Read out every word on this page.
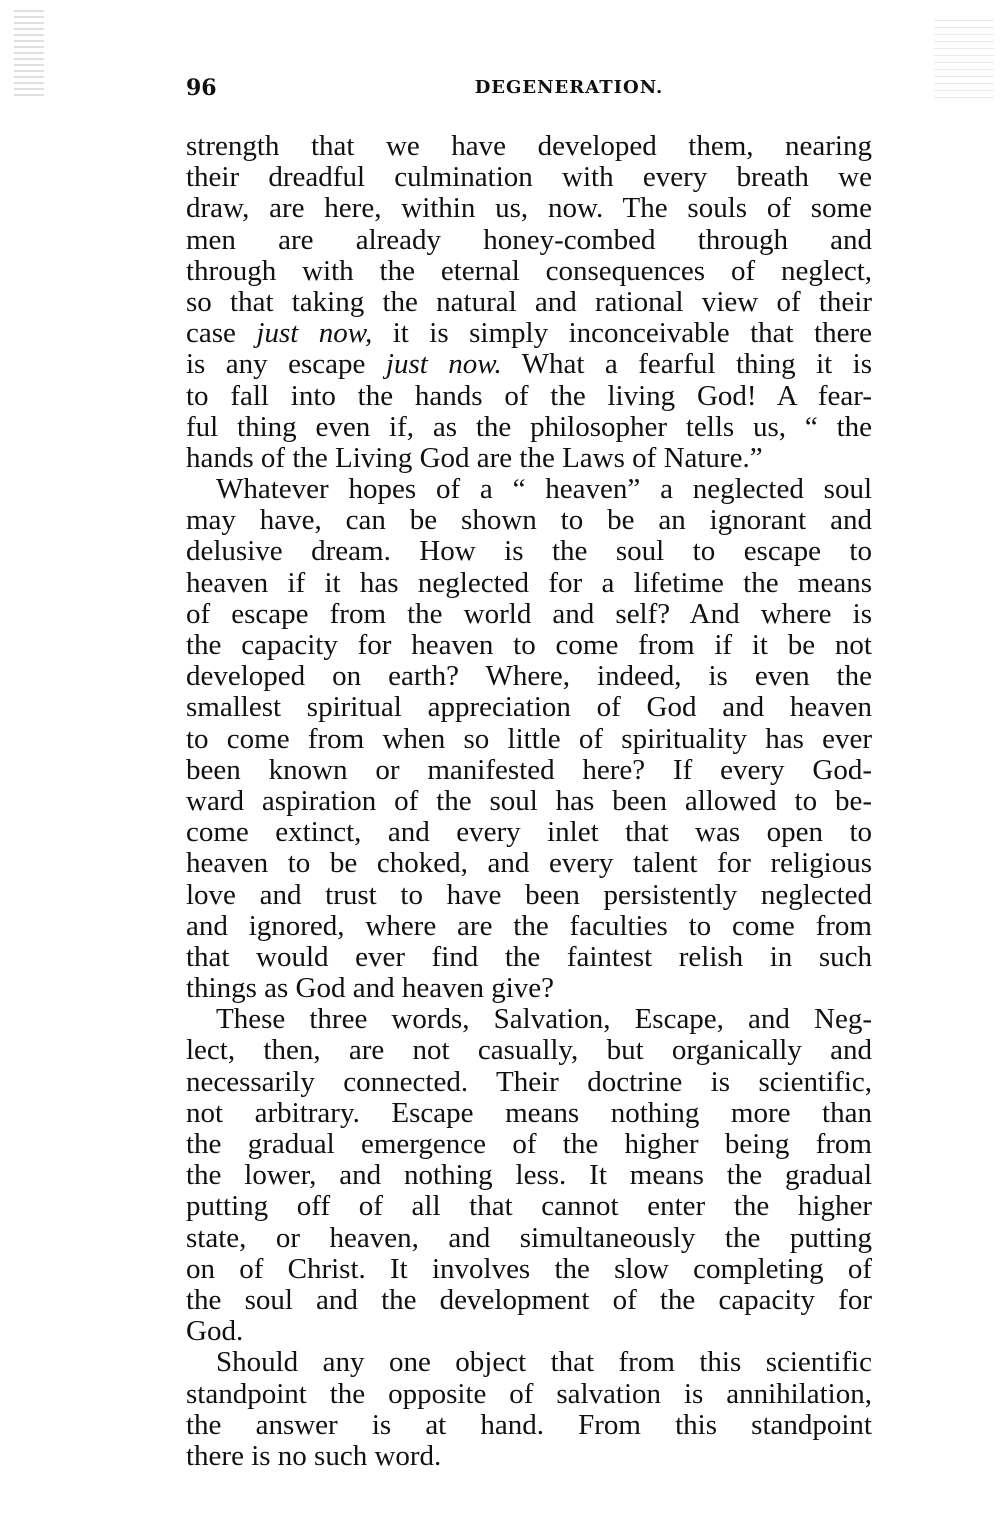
96	DEGENERATION.
strength that we have developed them, nearing
their dreadful culmination with every breath we
draw, are here, within us, now. The souls of some
men are already honey-combed through and
through with the eternal consequences of neglect,
so that taking the natural and rational view of their
case just now, it is simply inconceivable that there
is any escape just now. What a fearful thing it is
to fall into the hands of the living God! A fear-
ful thing even if, as the philosopher tells us, “ the
hands of the Living God are the Laws of Nature.”
Whatever hopes of a “ heaven” a neglected soul
may have, can be shown to be an ignorant and
delusive dream. How is the soul to escape to
heaven if it has neglected for a lifetime the means
of escape from the world and self? And where is
the capacity for heaven to come from if it be not
developed on earth? Where, indeed, is even the
smallest spiritual appreciation of God and heaven
to come from when so little of spirituality has ever
been known or manifested here? If every God-
ward aspiration of the soul has been allowed to be-
come extinct, and every inlet that was open to
heaven to be choked, and every talent for religious
love and trust to have been persistently neglected
and ignored, where are the faculties to come from
that would ever find the faintest relish in such
things as God and heaven give?
These three words, Salvation, Escape, and Neg-
lect, then, are not casually, but organically and
necessarily connected. Their doctrine is scientific,
not arbitrary. Escape means nothing more than
the gradual emergence of the higher being from
the lower, and nothing less. It means the gradual
putting off of all that cannot enter the higher
state, or heaven, and simultaneously the putting
on of Christ. It involves the slow completing of
the soul and the development of the capacity for
God.
Should any one object that from this scientific
standpoint the opposite of salvation is annihilation,
the answer is at hand. From this standpoint
there is no such word.
